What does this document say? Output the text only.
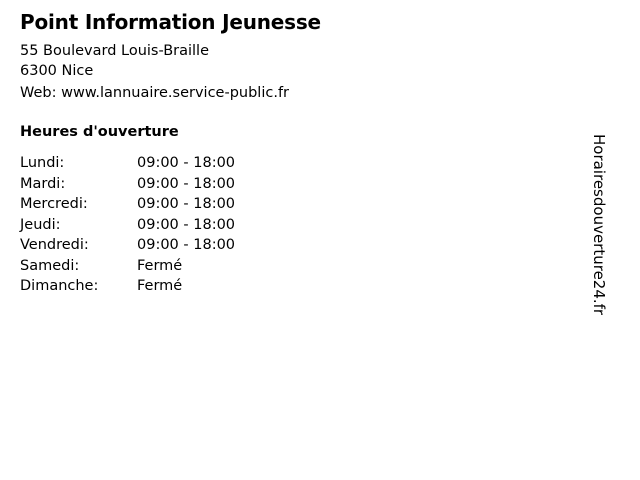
Point Information Jeunesse
55 Boulevard Louis-Braille
6300 Nice
Web: www.lannuaire.service-public.fr
Heures d'ouverture
Lundi:	09:00 - 18:00
Mardi:	09:00 - 18:00
Mercredi:	09:00 - 18:00
Jeudi:	09:00 - 18:00
Vendredi:	09:00 - 18:00
Samedi:	Fermé
Dimanche:	Fermé	Horairesdouverture24.fr
